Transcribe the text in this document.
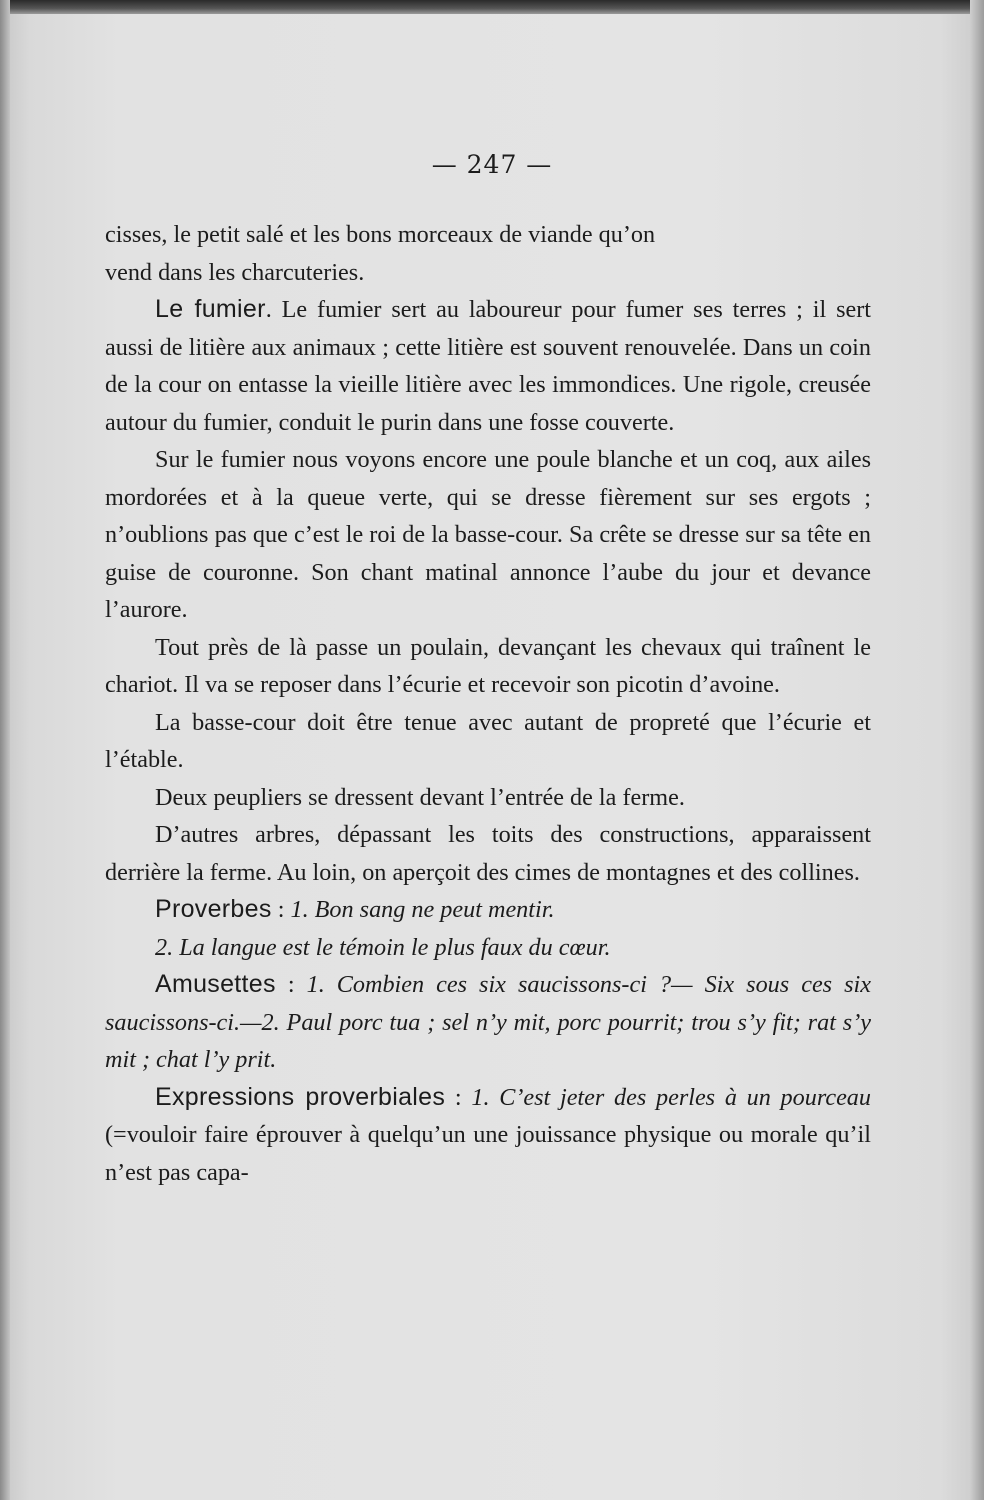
— 247 —

cisses, le petit salé et les bons morceaux de viande qu’on
vend dans les charcuteries.

Le fumier. Le fumier sert au laboureur pour fumer ses terres ; il sert aussi de litière aux animaux ; cette litière est souvent renouvelée. Dans un coin de la cour on entasse la vieille litière avec les immondices. Une rigole, creusée autour du fumier, conduit le purin dans une fosse couverte.

Sur le fumier nous voyons encore une poule blanche et un coq, aux ailes mordorées et à la queue verte, qui se dresse fièrement sur ses ergots ; n’oublions pas que c’est le roi de la basse-cour. Sa crête se dresse sur sa tête en guise de couronne. Son chant matinal annonce l’aube du jour et devance l’aurore.

Tout près de là passe un poulain, devançant les chevaux qui traînent le chariot. Il va se reposer dans l’écurie et recevoir son picotin d’avoine.

La basse-cour doit être tenue avec autant de propreté que l’écurie et l’étable.

Deux peupliers se dressent devant l’entrée de la ferme.

D’autres arbres, dépassant les toits des constructions, apparaissent derrière la ferme. Au loin, on aperçoit des cimes de montagnes et des collines.

Proverbes : 1. Bon sang ne peut mentir.

2. La langue est le témoin le plus faux du cœur.

Amusettes : 1. Combien ces six saucissons-ci ?— Six sous ces six saucissons-ci.—2. Paul porc tua ; sel n’y mit, porc pourrit; trou s’y fit; rat s’y mit ; chat l’y prit.

Expressions proverbiales : 1. C’est jeter des perles à un pourceau (=vouloir faire éprouver à quelqu’un une jouissance physique ou morale qu’il n’est pas capa-
